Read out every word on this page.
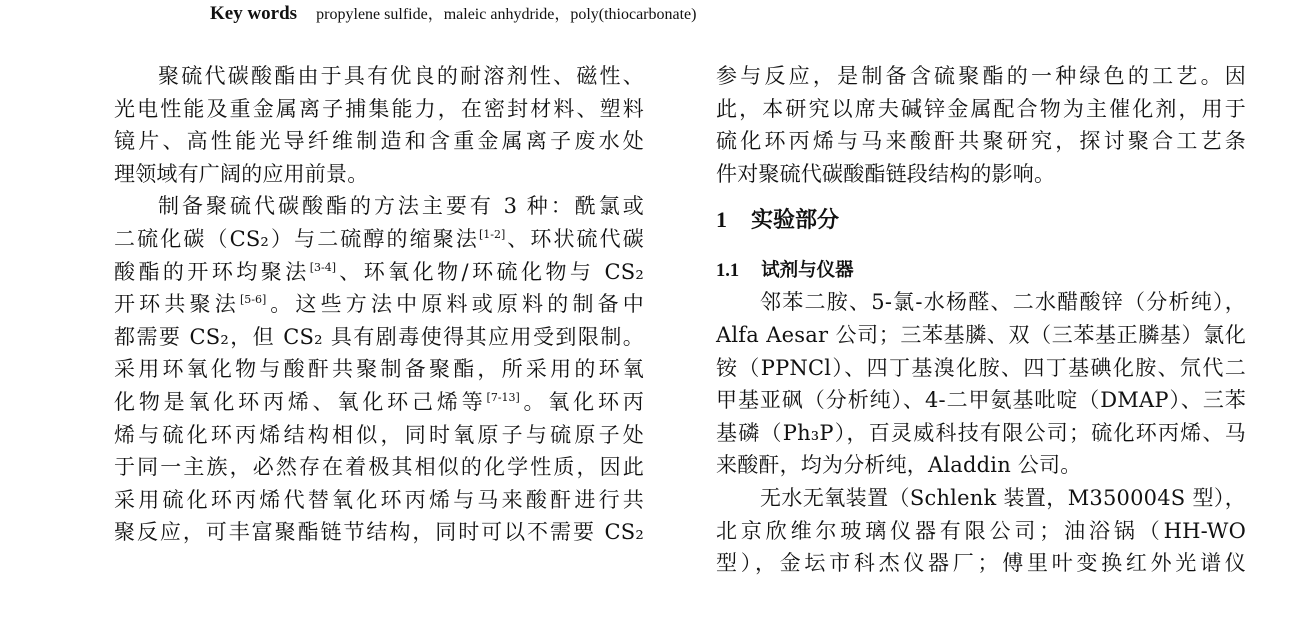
Key words propylene sulfide，maleic anhydride，poly(thiocarbonate)

聚硫代碳酸酯由于具有优良的耐溶剂性、磁性、

光电性能及重金属离子捕集能力，在密封材料、塑料

镜片、高性能光导纤维制造和含重金属离子废水处

理领域有广阔的应用前景。

制备聚硫代碳酸酯的方法主要有 3 种：酰氯或

二硫化碳（CS₂）与二硫醇的缩聚法[1-2]、环状硫代碳

酸酯的开环均聚法[3-4]、环氧化物/环硫化物与 CS₂

开环共聚法[5-6]。这些方法中原料或原料的制备中

都需要 CS₂，但 CS₂ 具有剧毒使得其应用受到限制。

采用环氧化物与酸酐共聚制备聚酯，所采用的环氧

化物是氧化环丙烯、氧化环己烯等[7-13]。氧化环丙

烯与硫化环丙烯结构相似，同时氧原子与硫原子处

于同一主族，必然存在着极其相似的化学性质，因此

采用硫化环丙烯代替氧化环丙烯与马来酸酐进行共

聚反应，可丰富聚酯链节结构，同时可以不需要 CS₂

参与反应，是制备含硫聚酯的一种绿色的工艺。因

此，本研究以席夫碱锌金属配合物为主催化剂，用于

硫化环丙烯与马来酸酐共聚研究，探讨聚合工艺条

件对聚硫代碳酸酯链段结构的影响。

1 实验部分
1.1 试剂与仪器

邻苯二胺、5-氯-水杨醛、二水醋酸锌（分析纯），

Alfa Aesar 公司；三苯基膦、双（三苯基正膦基）氯化

铵（PPNCl）、四丁基溴化胺、四丁基碘化胺、氘代二

甲基亚砜（分析纯）、4-二甲氨基吡啶（DMAP）、三苯

基磷（Ph₃P），百灵威科技有限公司；硫化环丙烯、马

来酸酐，均为分析纯，Aladdin 公司。

无水无氧装置（Schlenk 装置，M350004S 型），

北京欣维尔玻璃仪器有限公司；油浴锅（HH-WO

型），金坛市科杰仪器厂；傅里叶变换红外光谱仪
